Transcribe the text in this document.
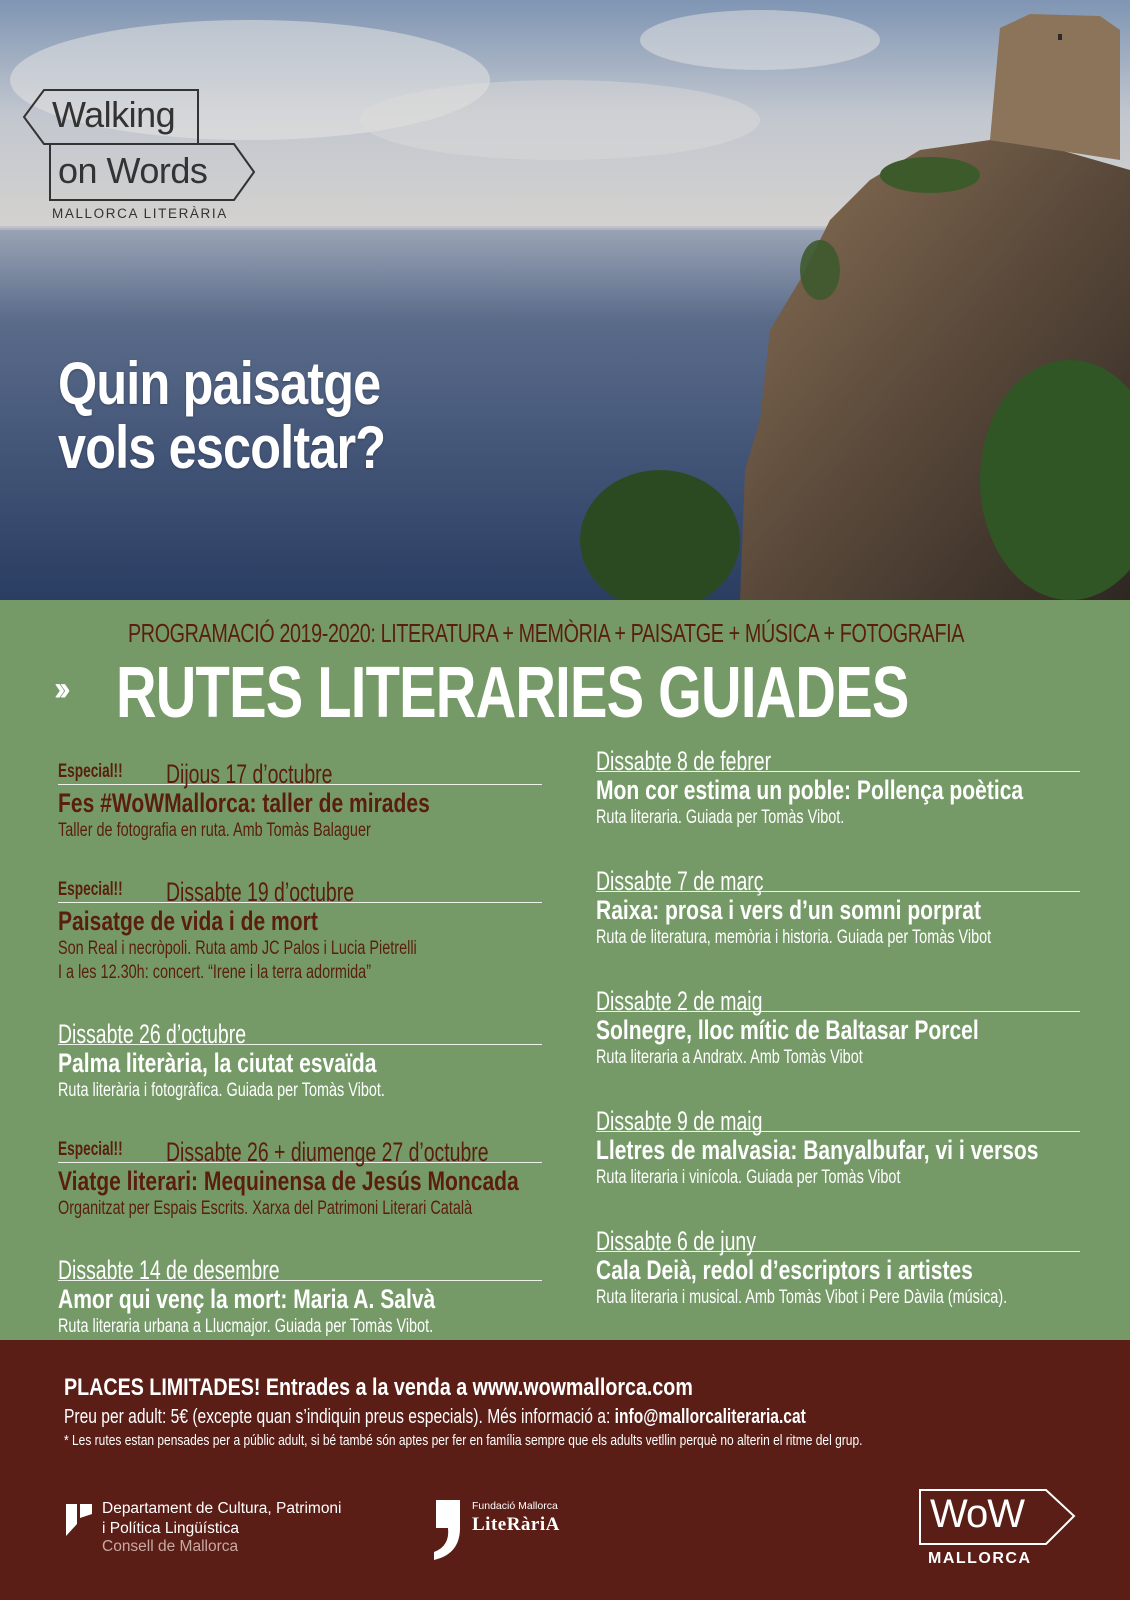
Walking
on Words
MALLORCA LITERÀRIA
Quin paisatge
vols escoltar?
PROGRAMACIÓ 2019-2020: LITERATURA + MEMÒRIA + PAISATGE + MÚSICA + FOTOGRAFIA
›› RUTES LITERARIES GUIADES
Especial!! Dijous 17 d’octubre
Fes #WoWMallorca: taller de mirades
Taller de fotografia en ruta. Amb Tomàs Balaguer
Especial!! Dissabte 19 d’octubre
Paisatge de vida i de mort
Son Real i necròpoli. Ruta amb JC Palos i Lucia Pietrelli
I a les 12.30h: concert. “Irene i la terra adormida”
Dissabte 26 d’octubre
Palma literària, la ciutat esvaïda
Ruta literària i fotogràfica. Guiada per Tomàs Vibot.
Especial!! Dissabte 26 + diumenge 27 d’octubre
Viatge literari: Mequinensa de Jesús Moncada
Organitzat per Espais Escrits. Xarxa del Patrimoni Literari Català
Dissabte 14 de desembre
Amor qui venç la mort: Maria A. Salvà
Ruta literaria urbana a Llucmajor. Guiada per Tomàs Vibot.
Dissabte 8 de febrer
Mon cor estima un poble: Pollença poètica
Ruta literaria. Guiada per Tomàs Vibot.
Dissabte 7 de març
Raixa: prosa i vers d’un somni porprat
Ruta de literatura, memòria i historia. Guiada per Tomàs Vibot
Dissabte 2 de maig
Solnegre, lloc mític de Baltasar Porcel
Ruta literaria a Andratx. Amb Tomàs Vibot
Dissabte 9 de maig
Lletres de malvasia: Banyalbufar, vi i versos
Ruta literaria i vinícola. Guiada per Tomàs Vibot
Dissabte 6 de juny
Cala Deià, redol d’escriptors i artistes
Ruta literaria i musical. Amb Tomàs Vibot i Pere Dàvila (música).
PLACES LIMITADES! Entrades a la venda a www.wowmallorca.com
Preu per adult: 5€ (excepte quan s’indiquin preus especials). Més informació a: info@mallorcaliteraria.cat
* Les rutes estan pensades per a públic adult, si bé també són aptes per fer en família sempre que els adults vetllin perquè no alterin el ritme del grup.
Departament de Cultura, Patrimoni
i Política Lingüística
Consell de Mallorca
Fundació Mallorca
LiteRàriA	WoW
MALLORCA
